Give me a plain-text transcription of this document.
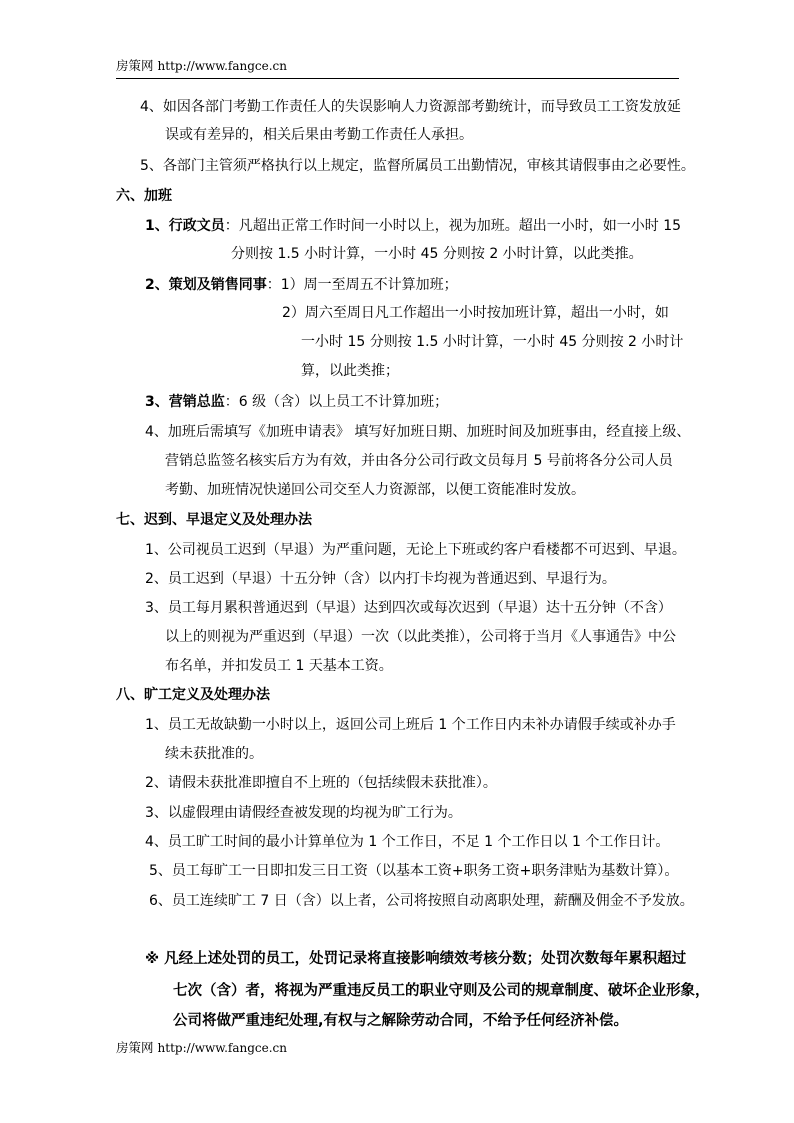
房策网 http://www.fangce.cn
4、如因各部门考勤工作责任人的失误影响人力资源部考勤统计，而导致员工工资发放延
误或有差异的，相关后果由考勤工作责任人承担。
5、各部门主管须严格执行以上规定，监督所属员工出勤情况，审核其请假事由之必要性。
六、加班
1、行政文员：凡超出正常工作时间一小时以上，视为加班。超出一小时，如一小时 15
分则按 1.5 小时计算，一小时 45 分则按 2 小时计算，以此类推。
2、策划及销售同事：1）周一至周五不计算加班；
2）周六至周日凡工作超出一小时按加班计算，超出一小时，如
一小时 15 分则按 1.5 小时计算，一小时 45 分则按 2 小时计
算，以此类推；
3、营销总监：6 级（含）以上员工不计算加班；
4、加班后需填写《加班申请表》 填写好加班日期、加班时间及加班事由，经直接上级、
营销总监签名核实后方为有效，并由各分公司行政文员每月 5 号前将各分公司人员
考勤、加班情况快递回公司交至人力资源部，以便工资能准时发放。
七、迟到、早退定义及处理办法
1、公司视员工迟到（早退）为严重问题，无论上下班或约客户看楼都不可迟到、早退。
2、员工迟到（早退）十五分钟（含）以内打卡均视为普通迟到、早退行为。
3、员工每月累积普通迟到（早退）达到四次或每次迟到（早退）达十五分钟（不含）
以上的则视为严重迟到（早退）一次（以此类推），公司将于当月《人事通告》中公
布名单，并扣发员工 1 天基本工资。
八、旷工定义及处理办法
1、员工无故缺勤一小时以上，返回公司上班后 1 个工作日内未补办请假手续或补办手
续未获批准的。
2、请假未获批准即擅自不上班的（包括续假未获批准）。
3、以虚假理由请假经查被发现的均视为旷工行为。
4、员工旷工时间的最小计算单位为 1 个工作日，不足 1 个工作日以 1 个工作日计。
5、员工每旷工一日即扣发三日工资（以基本工资+职务工资+职务津贴为基数计算）。
6、员工连续旷工 7 日（含）以上者，公司将按照自动离职处理，薪酬及佣金不予发放。
※ 凡经上述处罚的员工，处罚记录将直接影响绩效考核分数；处罚次数每年累积超过
七次（含）者，将视为严重违反员工的职业守则及公司的规章制度、破坏企业形象，
公司将做严重违纪处理,有权与之解除劳动合同，不给予任何经济补偿。
房策网 http://www.fangce.cn
